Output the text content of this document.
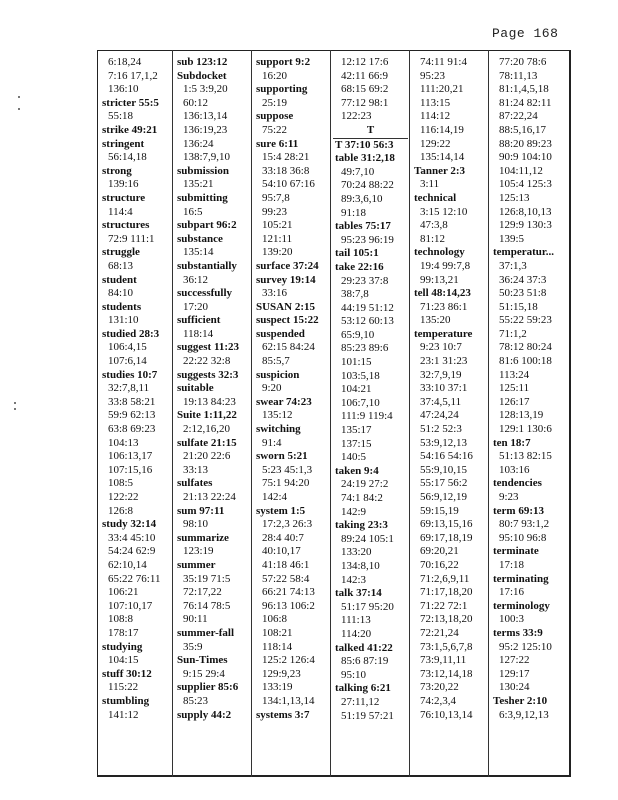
Page 168
6:18,24
7:16 17,1,2
136:10
stricter 55:5
55:18
strike 49:21
stringent
56:14,18
strong
139:16
structure
114:4
structures
72:9 111:1
struggle
68:13
student
84:10
students
131:10
studied 28:3
106:4,15
107:6,14
studies 10:7
32:7,8,11
33:8 58:21
59:9 62:13
63:8 69:23
104:13
106:13,17
107:15,16
108:5
122:22
126:8
study 32:14
33:4 45:10
54:24 62:9
62:10,14
65:22 76:11
106:21
107:10,17
108:8
178:17
studying
104:15
stuff 30:12
115:22
stumbling
141:12
sub 123:12
Subdocket
1:5 3:9,20
60:12
136:13,14
136:19,23
136:24
138:7,9,10
submission
135:21
submitting
16:5
subpart 96:2
substance
135:14
substantially
36:12
successfully
17:20
sufficient
118:14
suggest 11:23
22:22 32:8
suggests 32:3
suitable
19:13 84:23
Suite 1:11,22
2:12,16,20
sulfate 21:15
21:20 22:6
33:13
sulfates
21:13 22:24
sum 97:11
98:10
summarize
123:19
summer
35:19 71:5
72:17,22
76:14 78:5
90:11
summer-fall
35:9
Sun-Times
9:15 29:4
supplier 85:6
85:23
supply 44:2
support 9:2
16:20
supporting
25:19
suppose
75:22
sure 6:11
15:4 28:21
33:18 36:8
54:10 67:16
95:7,8
99:23
105:21
121:11
139:20
surface 37:24
survey 19:14
33:16
SUSAN 2:15
suspect 15:22
suspended
62:15 84:24
85:5,7
suspicion
9:20
swear 74:23
135:12
switching
91:4
sworn 5:21
5:23 45:1,3
75:1 94:20
142:4
system 1:5
17:2,3 26:3
28:4 40:7
40:10,17
41:18 46:1
57:22 58:4
66:21 74:13
96:13 106:2
106:8
108:21
118:14
125:2 126:4
129:9,23
133:19
134:1,13,14
systems 3:7
12:12 17:6
42:11 66:9
68:15 69:2
77:12 98:1
122:23
T
T 37:10 56:3
table 31:2,18
49:7,10
70:24 88:22
89:3,6,10
91:18
tables 75:17
95:23 96:19
tail 105:1
take 22:16
29:23 37:8
38:7,8
44:19 51:12
53:12 60:13
65:9,10
85:23 89:6
101:15
103:5,18
104:21
106:7,10
111:9 119:4
135:17
137:15
140:5
taken 9:4
24:19 27:2
74:1 84:2
142:9
taking 23:3
89:24 105:1
133:20
134:8,10
142:3
talk 37:14
51:17 95:20
111:13
114:20
talked 41:22
85:6 87:19
95:10
talking 6:21
27:11,12
51:19 57:21
74:11 91:4
95:23
111:20,21
113:15
114:12
116:14,19
129:22
135:14,14
Tanner 2:3
3:11
technical
3:15 12:10
47:3,8
81:12
technology
19:4 99:7,8
99:13,21
tell 48:14,23
71:23 86:1
135:20
temperature
9:23 10:7
23:1 31:23
32:7,9,19
33:10 37:1
37:4,5,11
47:24,24
51:2 52:3
53:9,12,13
54:16 54:16
55:9,10,15
55:17 56:2
56:9,12,19
59:15,19
69:13,15,16
69:17,18,19
69:20,21
70:16,22
71:2,6,9,11
71:17,18,20
71:22 72:1
72:13,18,20
72:21,24
73:1,5,6,7,8
73:9,11,11
73:12,14,18
73:20,22
74:2,3,4
76:10,13,14
77:20 78:6
78:11,13
81:1,4,5,18
81:24 82:11
87:22,24
88:5,16,17
88:20 89:23
90:9 104:10
104:11,12
105:4 125:3
125:13
126:8,10,13
129:9 130:3
139:5
temperatur...
37:1,3
36:24 37:3
50:23 51:8
51:15,18
55:22 59:23
71:1,2
78:12 80:24
81:6 100:18
113:24
125:11
126:17
128:13,19
129:1 130:6
ten 18:7
51:13 82:15
103:16
tendencies
9:23
term 69:13
80:7 93:1,2
95:10 96:8
terminate
17:18
terminating
17:16
terminology
100:3
terms 33:9
95:2 125:10
127:22
129:17
130:24
Tesher 2:10
6:3,9,12,13
